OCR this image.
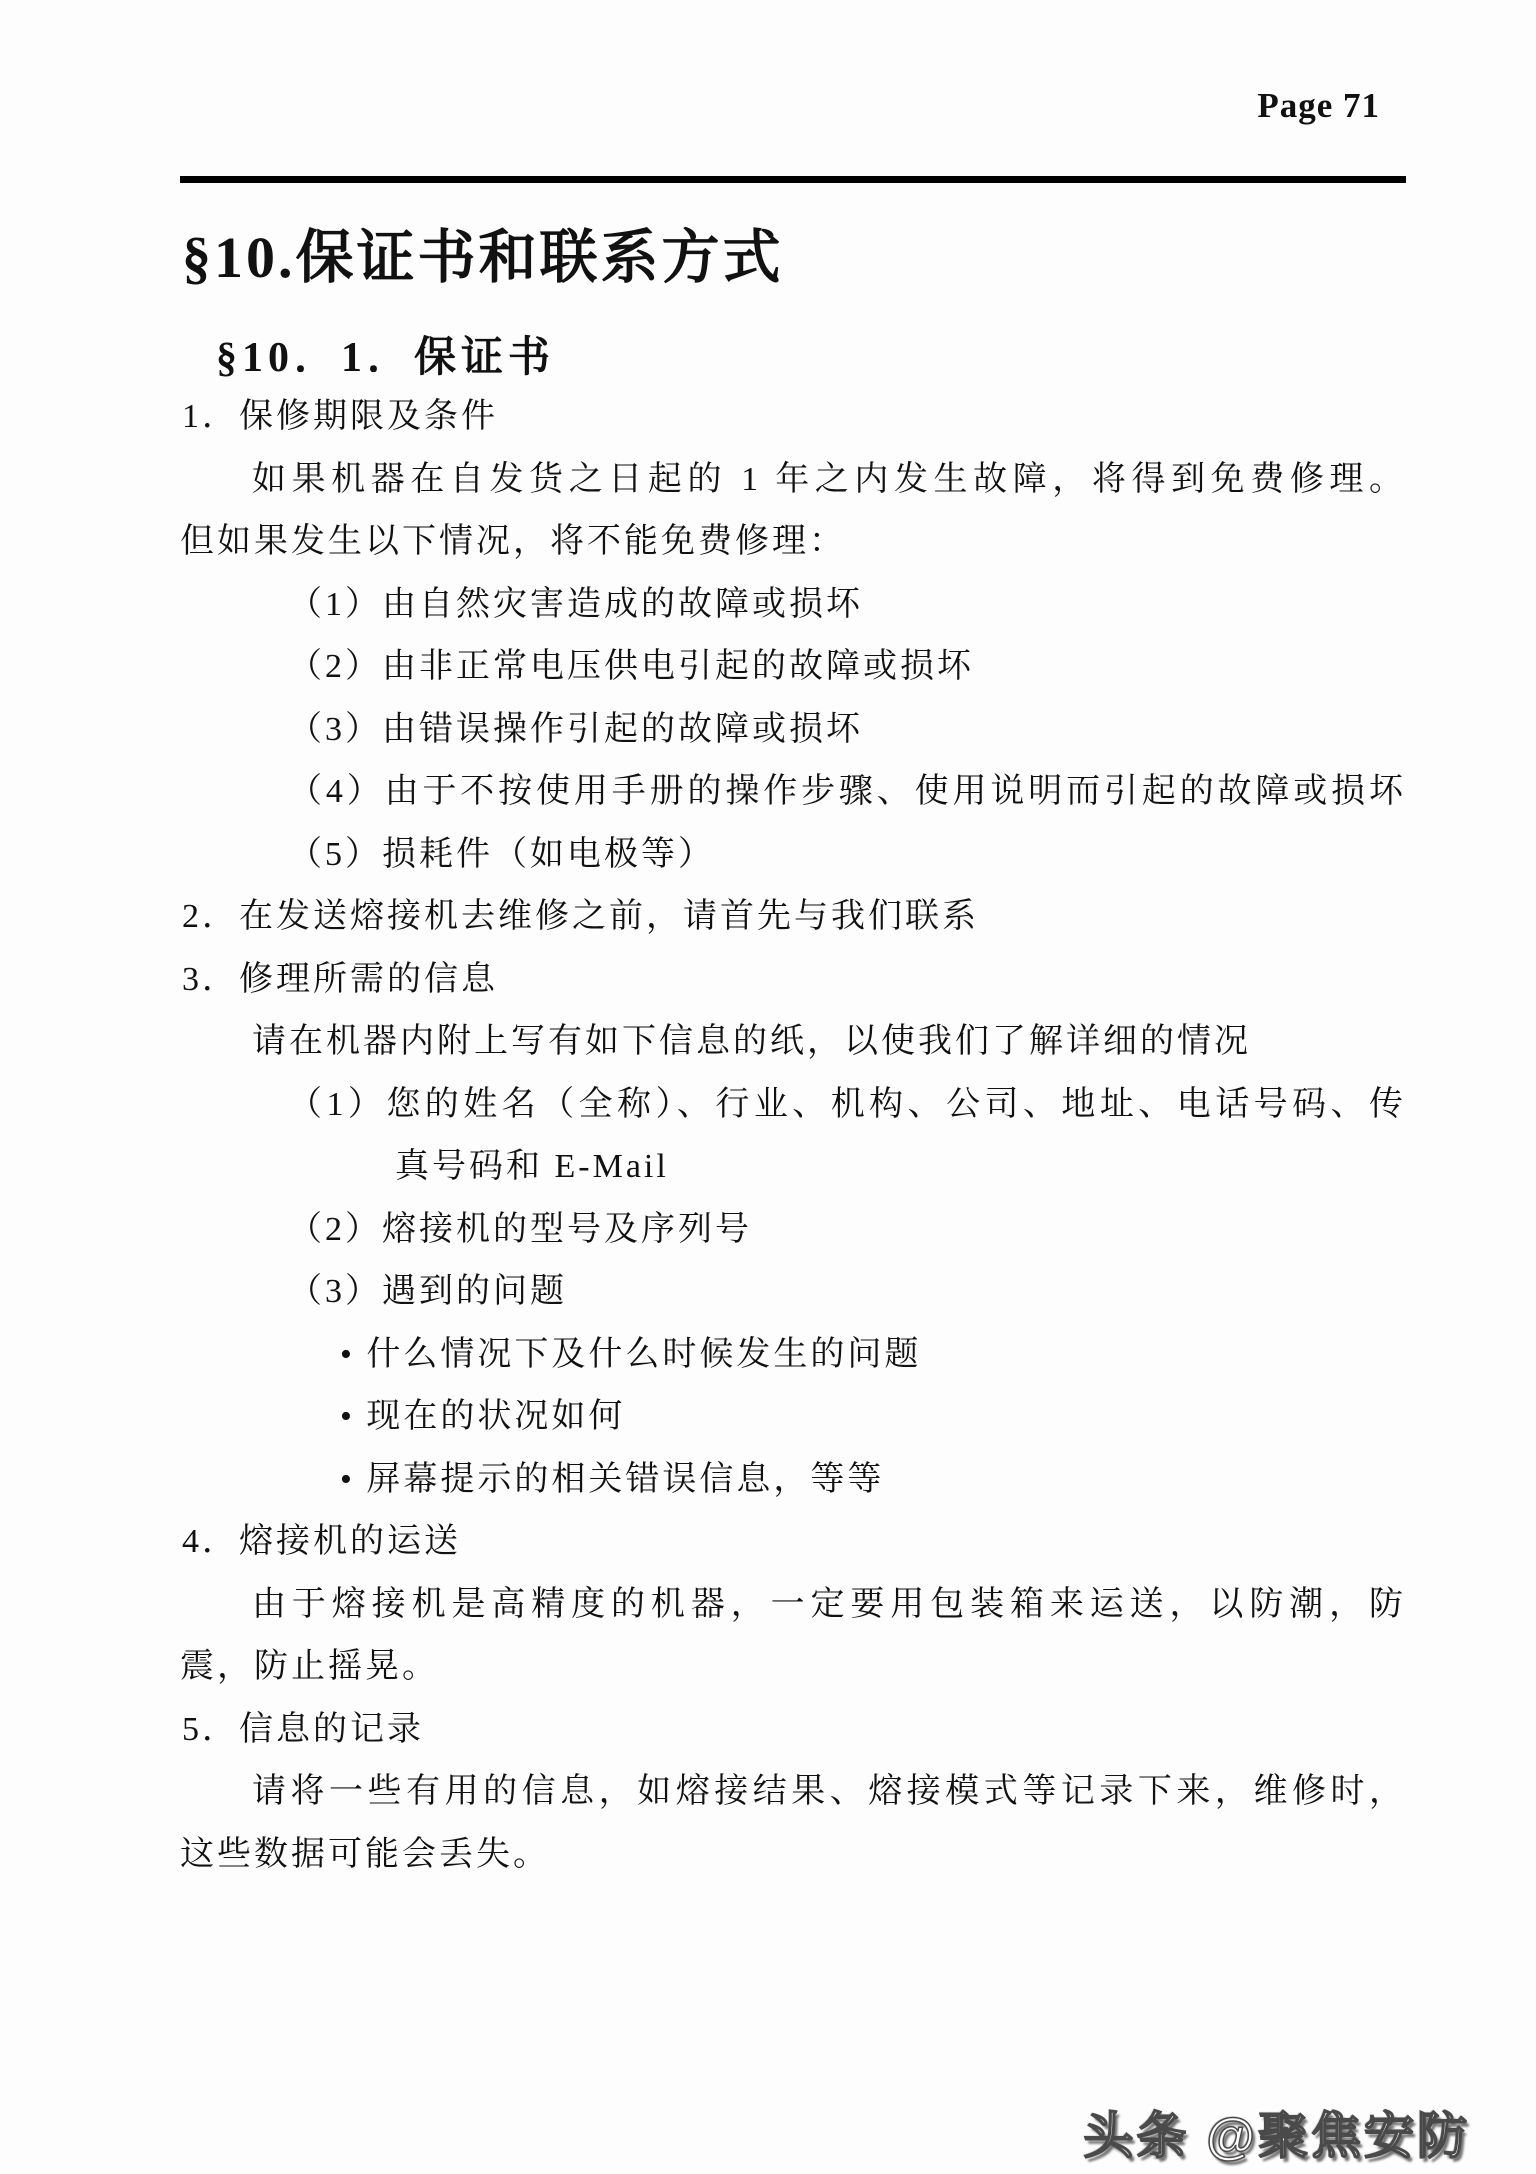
Page 71
§10.保证书和联系方式
§10．1．保证书
1．保修期限及条件
如果机器在自发货之日起的 1 年之内发生故障，将得到免费修理。
但如果发生以下情况，将不能免费修理：
（1）由自然灾害造成的故障或损坏
（2）由非正常电压供电引起的故障或损坏
（3）由错误操作引起的故障或损坏
（4）由于不按使用手册的操作步骤、使用说明而引起的故障或损坏
（5）损耗件（如电极等）
2．在发送熔接机去维修之前，请首先与我们联系
3．修理所需的信息
请在机器内附上写有如下信息的纸，以使我们了解详细的情况
（1）您的姓名（全称）、行业、机构、公司、地址、电话号码、传
真号码和 E-Mail
（2）熔接机的型号及序列号
（3）遇到的问题
• 什么情况下及什么时候发生的问题
• 现在的状况如何
• 屏幕提示的相关错误信息，等等
4．熔接机的运送
由于熔接机是高精度的机器，一定要用包装箱来运送，以防潮，防
震，防止摇晃。
5．信息的记录
请将一些有用的信息，如熔接结果、熔接模式等记录下来，维修时，
这些数据可能会丢失。
头条 @聚焦安防
